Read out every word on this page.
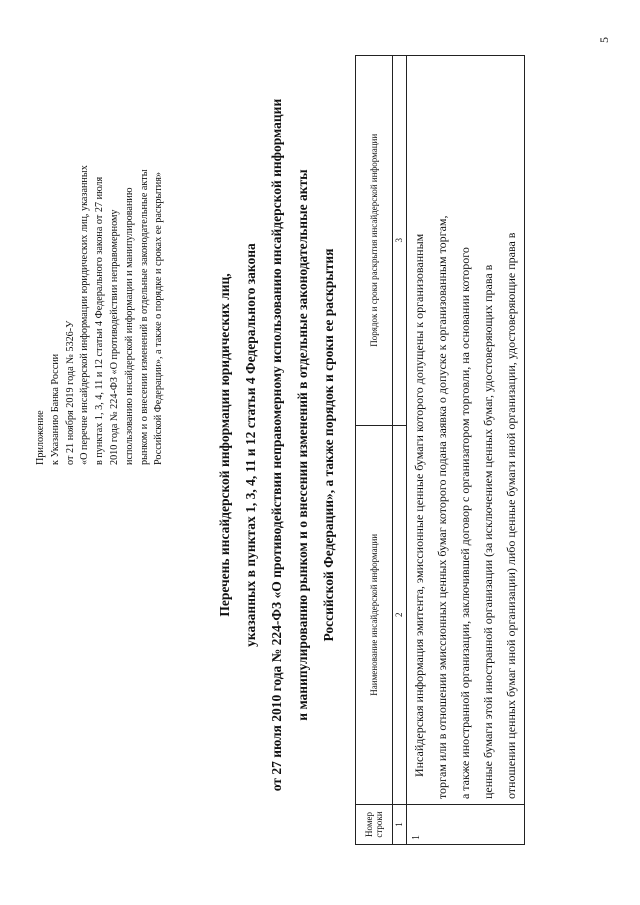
Приложение к Указанию Банка России от 21 ноября 2019 года № 5326-У «О перечне инсайдерской информации юридических лиц, указанных в пунктах 1, 3, 4, 11 и 12 статьи 4 Федерального закона от 27 июля 2010 года № 224-ФЗ «О противодействии неправомерному использованию инсайдерской информации и манипулированию рынком и о внесении изменений в отдельные законодательные акты Российской Федерации», а также о порядке и сроках ее раскрытия»	Перечень инсайдерской информации юридических лиц, указанных в пунктах 1, 3, 4, 11 и 12 статьи 4 Федерального закона от 27 июля 2010 года № 224-ФЗ «О противодействии неправомерному использованию инсайдерской информации и манипулированию рынком и о внесении изменений в отдельные законодательные акты Российской Федерации», а также порядок и сроки ее раскрытия
Номер строки	Наименование инсайдерской информации	Порядок и сроки раскрытия инсайдерской информации
1	2	3
1	Инсайдерская информация эмитента, эмиссионные ценные бумаги которого допущены к организованным торгам или в отношении эмиссионных ценных бумаг которого подана заявка о допуске к организованным торгам, а также иностранной организации, заключившей договор с организатором торговли, на основании которого ценные бумаги этой иностранной организации (за исключением ценных бумаг, удостоверяющих права в отношении ценных бумаг иной организации) либо ценные бумаги иной организации, удостоверяющие права в	
5
